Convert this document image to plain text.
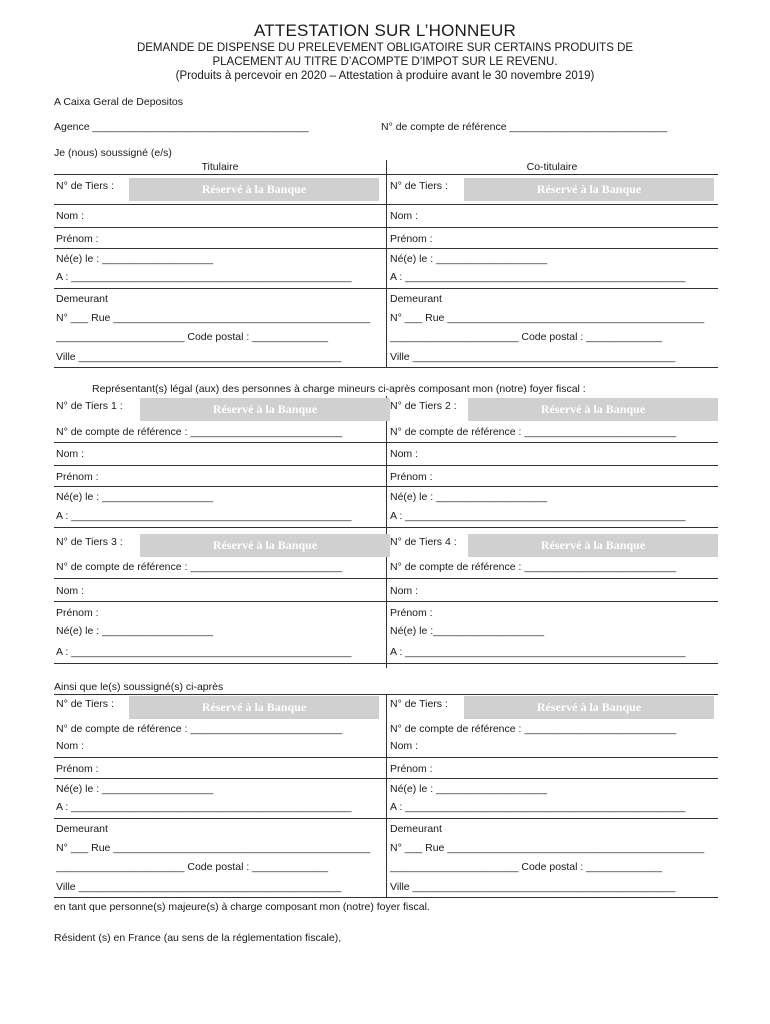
ATTESTATION SUR L’HONNEUR
DEMANDE DE DISPENSE DU PRELEVEMENT OBLIGATOIRE SUR CERTAINS PRODUITS DE
PLACEMENT AU TITRE D’ACOMPTE D’IMPOT SUR LE REVENU.
(Produits à percevoir en 2020 – Attestation à produire avant le 30 novembre 2019)
A Caixa Geral de Depositos
Agence _____________________________________	N° de compte de référence ___________________________
Je (nous) soussigné (e/s)
Titulaire	Co-titulaire
N° de Tiers :	Réservé à la Banque	N° de Tiers :	Réservé à la Banque
Nom :	Nom :
Prénom :	Prénom :
Né(e) le : ___________________	Né(e) le : ___________________
A : ________________________________________________	A : ________________________________________________
Demeurant	Demeurant
N° ___ Rue ____________________________________________	N° ___ Rue ____________________________________________
______________________ Code postal : _____________	______________________ Code postal : _____________
Ville _____________________________________________	Ville _____________________________________________
Représentant(s) légal (aux) des personnes à charge mineurs ci-après composant mon (notre) foyer fiscal :
N° de Tiers 1 :	Réservé à la Banque	N° de Tiers 2 :	Réservé à la Banque
N° de compte de référence : __________________________	N° de compte de référence : __________________________
Nom :	Nom :
Prénom :	Prénom :
Né(e) le : ___________________	Né(e) le : ___________________
A : ________________________________________________	A : ________________________________________________
N° de Tiers 3 :	Réservé à la Banque	N° de Tiers 4 :	Réservé à la Banque
N° de compte de référence : __________________________	N° de compte de référence : __________________________
Nom :	Nom :
Prénom :	Prénom :
Né(e) le : ___________________	Né(e) le :___________________
A : ________________________________________________	A : ________________________________________________
Ainsi que le(s) soussigné(s) ci-après
N° de Tiers :	Réservé à la Banque	N° de Tiers :	Réservé à la Banque
N° de compte de référence : __________________________	N° de compte de référence : __________________________
Nom :	Nom :
Prénom :	Prénom :
Né(e) le : ___________________	Né(e) le : ___________________
A : ________________________________________________	A : ________________________________________________
Demeurant	Demeurant
N° ___ Rue ____________________________________________	N° ___ Rue ____________________________________________
______________________ Code postal : _____________	______________________ Code postal : _____________
Ville _____________________________________________	Ville _____________________________________________
en tant que personne(s) majeure(s) à charge composant mon (notre) foyer fiscal.
Résident (s) en France (au sens de la réglementation fiscale),
